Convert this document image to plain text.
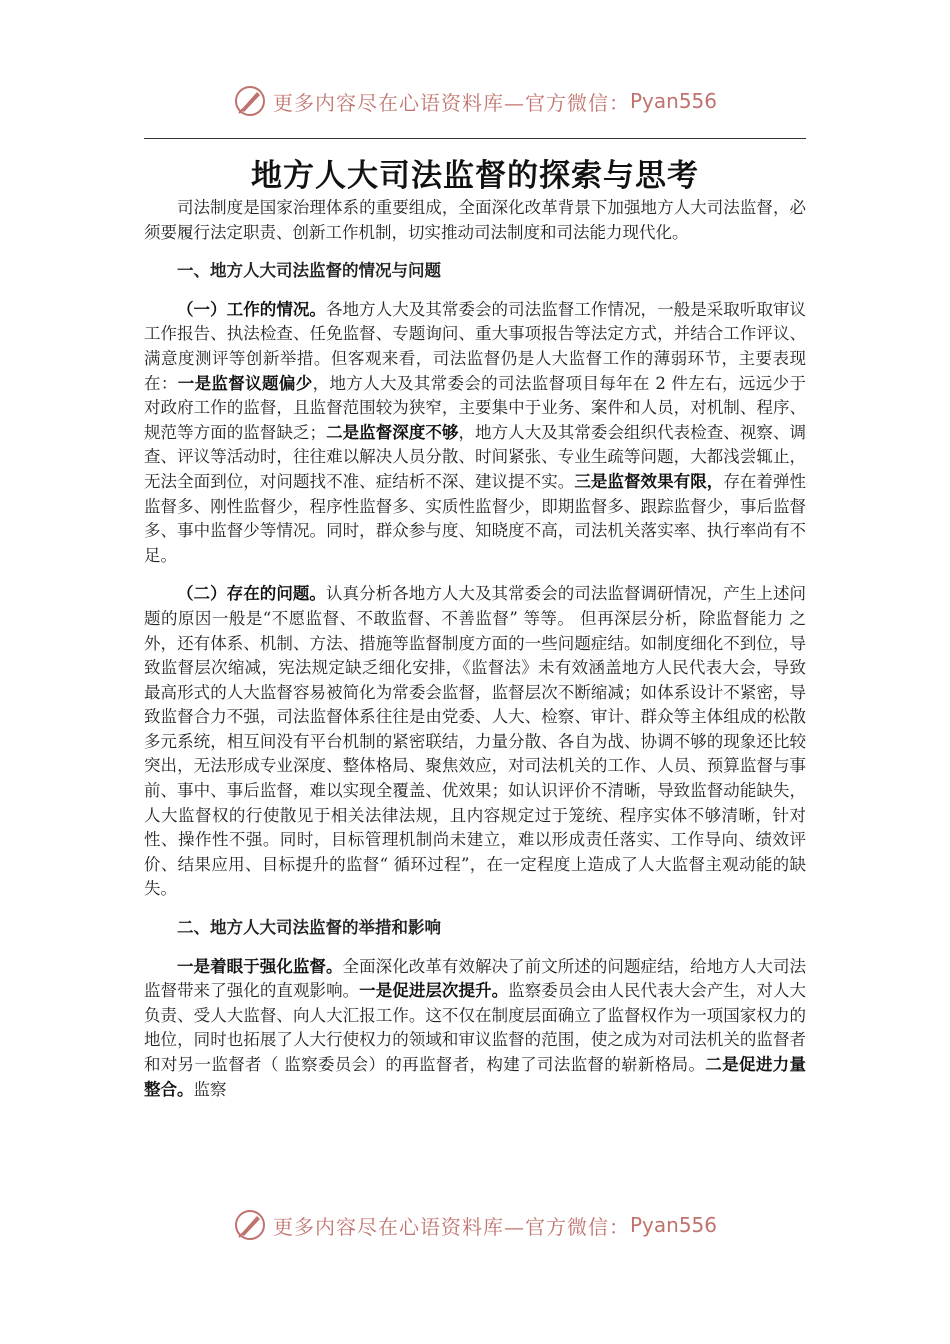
更多内容尽在心语资料库—官方微信： Pyan556
地方人大司法监督的探索与思考

司法制度是国家治理体系的重要组成，全面深化改革背景下加强地方人大司法监督，必须要履行法定职责、创新工作机制，切实推动司法制度和司法能力现代化。

一、地方人大司法监督的情况与问题

（一）工作的情况。各地方人大及其常委会的司法监督工作情况，一般是采取听取审议工作报告、执法检查、任免监督、专题询问、重大事项报告等法定方式，并结合工作评议、满意度测评等创新举措。但客观来看，司法监督仍是人大监督工作的薄弱环节，主要表现在：一是监督议题偏少，地方人大及其常委会的司法监督项目每年在 2 件左右，远远少于对政府工作的监督，且监督范围较为狭窄，主要集中于业务、案件和人员，对机制、程序、规范等方面的监督缺乏；二是监督深度不够，地方人大及其常委会组织代表检查、视察、调查、评议等活动时，往往难以解决人员分散、时间紧张、专业生疏等问题，大都浅尝辄止，无法全面到位，对问题找不准、症结析不深、建议提不实。三是监督效果有限，存在着弹性监督多、刚性监督少，程序性监督多、实质性监督少，即期监督多、跟踪监督少，事后监督多、事中监督少等情况。同时，群众参与度、知晓度不高，司法机关落实率、执行率尚有不足。

（二）存在的问题。认真分析各地方人大及其常委会的司法监督调研情况，产生上述问题的原因一般是“不愿监督、不敢监督、不善监督” 等等。 但再深层分析，除监督能力 之外，还有体系、机制、方法、措施等监督制度方面的一些问题症结。如制度细化不到位，导致监督层次缩减，宪法规定缺乏细化安排，《监督法》未有效涵盖地方人民代表大会，导致最高形式的人大监督容易被简化为常委会监督，监督层次不断缩减；如体系设计不紧密，导致监督合力不强，司法监督体系往往是由党委、人大、检察、审计、群众等主体组成的松散多元系统，相互间没有平台机制的紧密联结，力量分散、各自为战、协调不够的现象还比较突出，无法形成专业深度、整体格局、聚焦效应，对司法机关的工作、人员、预算监督与事前、事中、事后监督，难以实现全覆盖、优效果；如认识评价不清晰，导致监督动能缺失，人大监督权的行使散见于相关法律法规，且内容规定过于笼统、程序实体不够清晰，针对性、操作性不强。同时，目标管理机制尚未建立，难以形成责任落实、工作导向、绩效评价、结果应用、目标提升的监督“ 循环过程”，在一定程度上造成了人大监督主观动能的缺失。

二、地方人大司法监督的举措和影响

一是着眼于强化监督。全面深化改革有效解决了前文所述的问题症结，给地方人大司法监督带来了强化的直观影响。一是促进层次提升。监察委员会由人民代表大会产生，对人大负责、受人大监督、向人大汇报工作。这不仅在制度层面确立了监督权作为一项国家权力的地位，同时也拓展了人大行使权力的领域和审议监督的范围，使之成为对司法机关的监督者和对另一监督者（ 监察委员会）的再监督者，构建了司法监督的崭新格局。二是促进力量整合。监察

更多内容尽在心语资料库—官方微信： Pyan556
